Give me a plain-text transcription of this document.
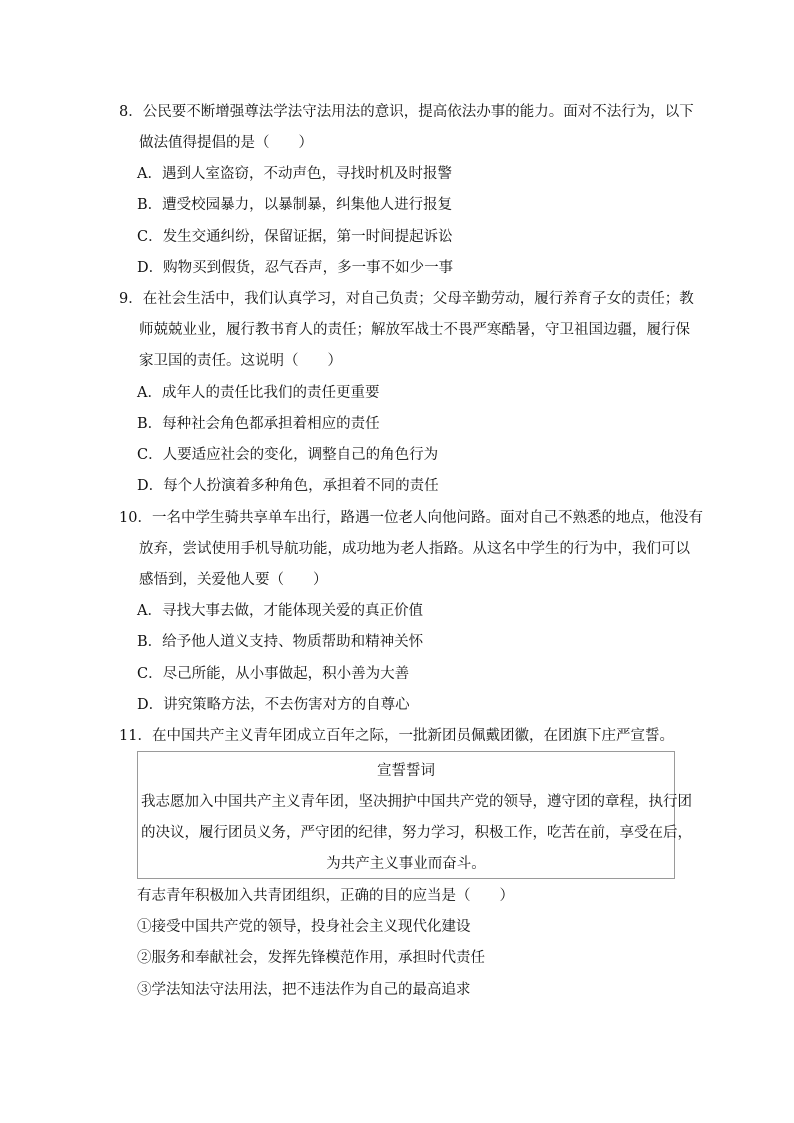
8．公民要不断增强尊法学法守法用法的意识，提高依法办事的能力。面对不法行为，以下
做法值得提倡的是（　　）
A．遇到人室盗窃，不动声色，寻找时机及时报警
B．遭受校园暴力，以暴制暴，纠集他人进行报复
C．发生交通纠纷，保留证据，第一时间提起诉讼
D．购物买到假货，忍气吞声，多一事不如少一事
9．在社会生活中，我们认真学习，对自己负责；父母辛勤劳动，履行养育子女的责任；教
师兢兢业业，履行教书育人的责任；解放军战士不畏严寒酷暑，守卫祖国边疆，履行保
家卫国的责任。这说明（　　）
A．成年人的责任比我们的责任更重要
B．每种社会角色都承担着相应的责任
C．人要适应社会的变化，调整自己的角色行为
D．每个人扮演着多种角色，承担着不同的责任
10．一名中学生骑共享单车出行，路遇一位老人向他问路。面对自己不熟悉的地点，他没有
放弃，尝试使用手机导航功能，成功地为老人指路。从这名中学生的行为中，我们可以
感悟到，关爱他人要（　　）
A．寻找大事去做，才能体现关爱的真正价值
B．给予他人道义支持、物质帮助和精神关怀
C．尽己所能，从小事做起，积小善为大善
D．讲究策略方法，不去伤害对方的自尊心
11．在中国共产主义青年团成立百年之际，一批新团员佩戴团徽，在团旗下庄严宣誓。
宣誓誓词
我志愿加入中国共产主义青年团，坚决拥护中国共产党的领导，遵守团的章程，执行团
的决议，履行团员义务，严守团的纪律，努力学习，积极工作，吃苦在前，享受在后，
为共产主义事业而奋斗。
有志青年积极加入共青团组织，正确的目的应当是（　　）
①接受中国共产党的领导，投身社会主义现代化建设
②服务和奉献社会，发挥先锋模范作用，承担时代责任
③学法知法守法用法，把不违法作为自己的最高追求
